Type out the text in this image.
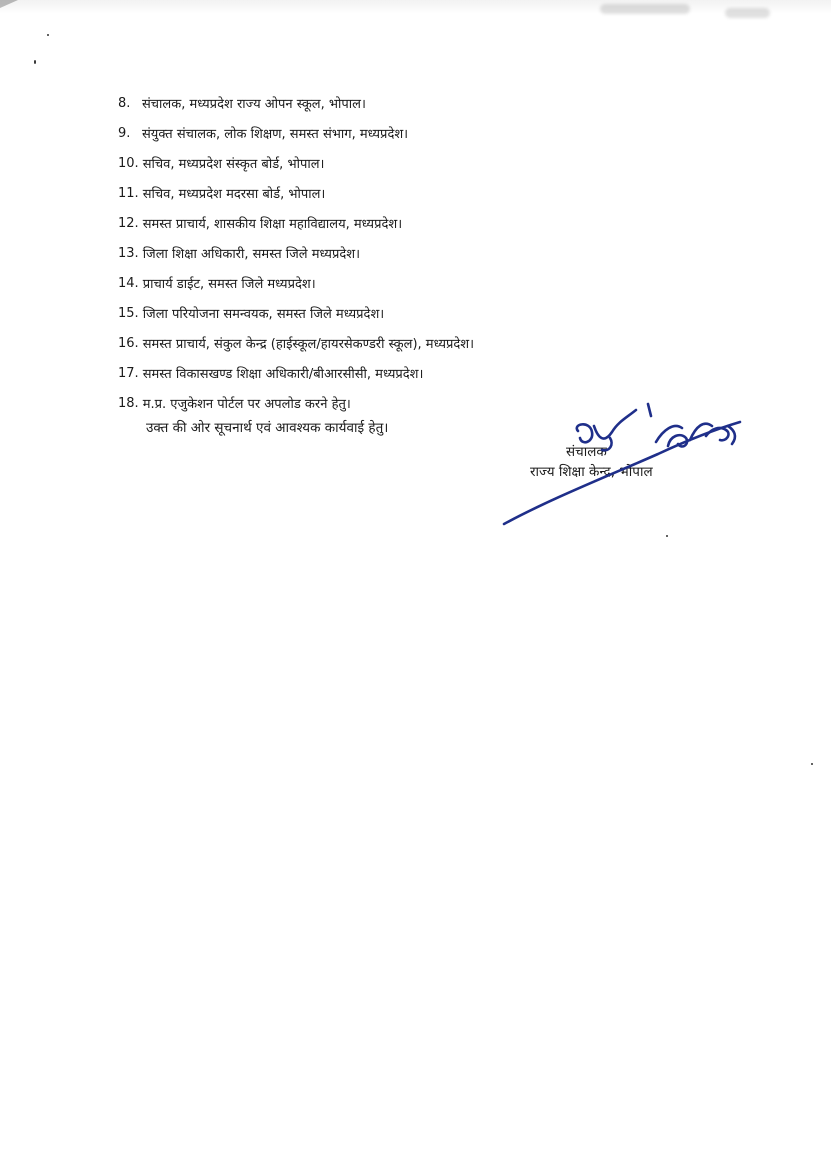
8. संचालक, मध्यप्रदेश राज्य ओपन स्कूल, भोपाल।
9. संयुक्त संचालक, लोक शिक्षण, समस्त संभाग, मध्यप्रदेश।
10. सचिव, मध्यप्रदेश संस्कृत बोर्ड, भोपाल।
11. सचिव, मध्यप्रदेश मदरसा बोर्ड, भोपाल।
12. समस्त प्राचार्य, शासकीय शिक्षा महाविद्यालय, मध्यप्रदेश।
13. जिला शिक्षा अधिकारी, समस्त जिले मध्यप्रदेश।
14. प्राचार्य डाईट, समस्त जिले मध्यप्रदेश।
15. जिला परियोजना समन्वयक, समस्त जिले मध्यप्रदेश।
16. समस्त प्राचार्य, संकुल केन्द्र (हाईस्कूल/हायरसेकण्डरी स्कूल), मध्यप्रदेश।
17. समस्त विकासखण्ड शिक्षा अधिकारी/बीआरसीसी, मध्यप्रदेश।
18. म.प्र. एजुकेशन पोर्टल पर अपलोड करने हेतु।
उक्त की ओर सूचनार्थ एवं आवश्यक कार्यवाई हेतु।
संचालक
राज्य शिक्षा केन्द्र, भोपाल
